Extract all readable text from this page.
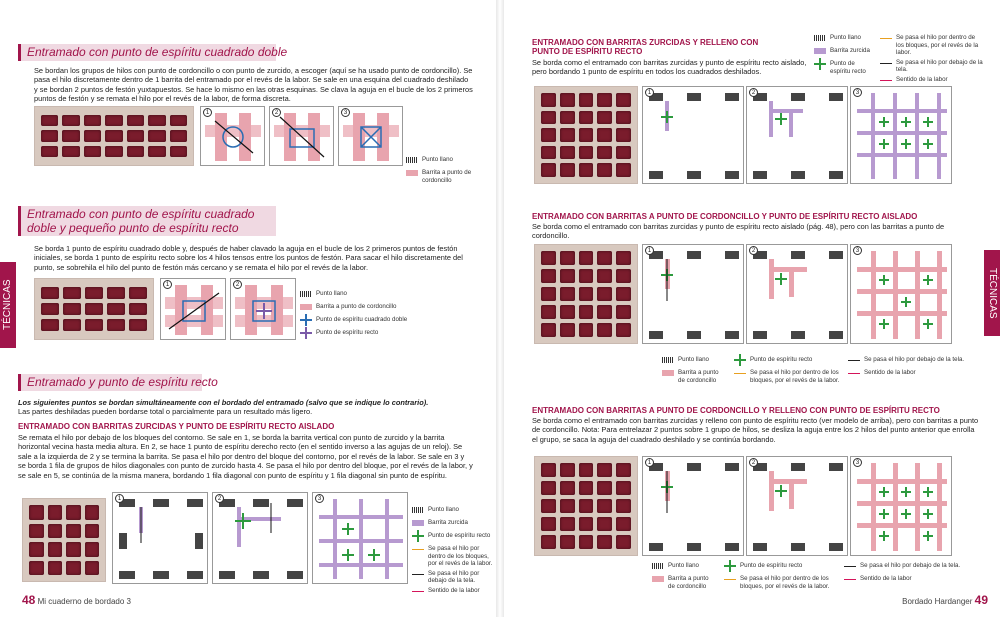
Entramado con punto de espíritu cuadrado doble
Se bordan los grupos de hilos con punto de cordoncillo o con punto de zurcido, a escoger (aquí se ha usado punto de cordoncillo). Se pasa el hilo discretamente dentro de 1 barrita del entramado por el revés de la labor. Se sale en una esquina del cuadrado deshilado y se bordan 2 puntos de festón yuxtapuestos. Se hace lo mismo en las otras esquinas. Se clava la aguja en el bucle de los 2 primeros puntos de festón y se remata el hilo por el revés de la labor, de forma discreta.
1	2	3
Punto llano
Barrita a punto de cordoncillo
Entramado con punto de espíritu cuadrado doble y pequeño punto de espíritu recto
Se borda 1 punto de espíritu cuadrado doble y, después de haber clavado la aguja en el bucle de los 2 primeros puntos de festón iniciales, se borda 1 punto de espíritu recto sobre los 4 hilos tensos entre los puntos de festón. Para sacar el hilo discretamente del punto, se sobrehila el hilo del punto de festón más cercano y se remata el hilo por el revés de la labor.
1	2
Punto llano
Barrita a punto de cordoncillo
Punto de espíritu cuadrado doble
Punto de espíritu recto
Entramado y punto de espíritu recto
Los siguientes puntos se bordan simultáneamente con el bordado del entramado (salvo que se indique lo contrario).
Las partes deshiladas pueden bordarse total o parcialmente para un resultado más ligero.
ENTRAMADO CON BARRITAS ZURCIDAS Y PUNTO DE ESPÍRITU RECTO AISLADO
Se remata el hilo por debajo de los bloques del contorno. Se sale en 1, se borda la barrita vertical con punto de zurcido y la barrita horizontal vecina hasta media altura. En 2, se hace 1 punto de espíritu derecho recto (en el sentido inverso a las agujas de un reloj). Se sale a la izquierda de 2 y se termina la barrita. Se pasa el hilo por dentro del bloque del contorno, por el revés de la labor. Se sale en 3 y se borda 1 fila de grupos de hilos diagonales con punto de zurcido hasta 4. Se pasa el hilo por dentro del bloque, por el revés de la labor, y se sale en 5, se continúa de la misma manera, bordando 1 fila diagonal con punto de espíritu y 1 fila diagonal sin punto de espíritu.
1	2	3
Punto llano
Barrita zurcida
Punto de espíritu recto
Se pasa el hilo por dentro de los bloques, por el revés de la labor.
Se pasa el hilo por debajo de la tela.
Sentido de la labor
TÉCNICAS
48 Mi cuaderno de bordado 3
ENTRAMADO CON BARRITAS ZURCIDAS Y RELLENO CON PUNTO DE ESPÍRITU RECTO
Se borda como el entramado con barritas zurcidas y punto de espíritu recto aislado, pero bordando 1 punto de espíritu en todos los cuadrados deshilados.
Punto llano
Barrita zurcida
Punto de espíritu recto
Se pasa el hilo por dentro de los bloques, por el revés de la labor.
Se pasa el hilo por debajo de la tela.
Sentido de la labor
1	2	3
ENTRAMADO CON BARRITAS A PUNTO DE CORDONCILLO Y PUNTO DE ESPÍRITU RECTO AISLADO
Se borda como el entramado con barritas zurcidas y punto de espíritu recto aislado (pág. 48), pero con las barritas a punto de cordoncillo.
1	2	3
Punto llano
Barrita a punto de cordoncillo
Punto de espíritu recto
Se pasa el hilo por dentro de los bloques, por el revés de la labor.
Se pasa el hilo por debajo de la tela.
Sentido de la labor
ENTRAMADO CON BARRITAS A PUNTO DE CORDONCILLO Y RELLENO CON PUNTO DE ESPÍRITU RECTO
Se borda como el entramado con barritas zurcidas y relleno con punto de espíritu recto (ver modelo de arriba), pero con barritas a punto de cordoncillo. Nota: Para entrelazar 2 puntos sobre 1 grupo de hilos, se desliza la aguja entre los 2 hilos del punto anterior que enrolla el grupo, se saca la aguja del cuadrado deshilado y se continúa bordando.
1	2	3
Punto llano
Barrita a punto de cordoncillo
Punto de espíritu recto
Se pasa el hilo por dentro de los bloques, por el revés de la labor.
Se pasa el hilo por debajo de la tela.
Sentido de la labor
TÉCNICAS
Bordado Hardanger 49
